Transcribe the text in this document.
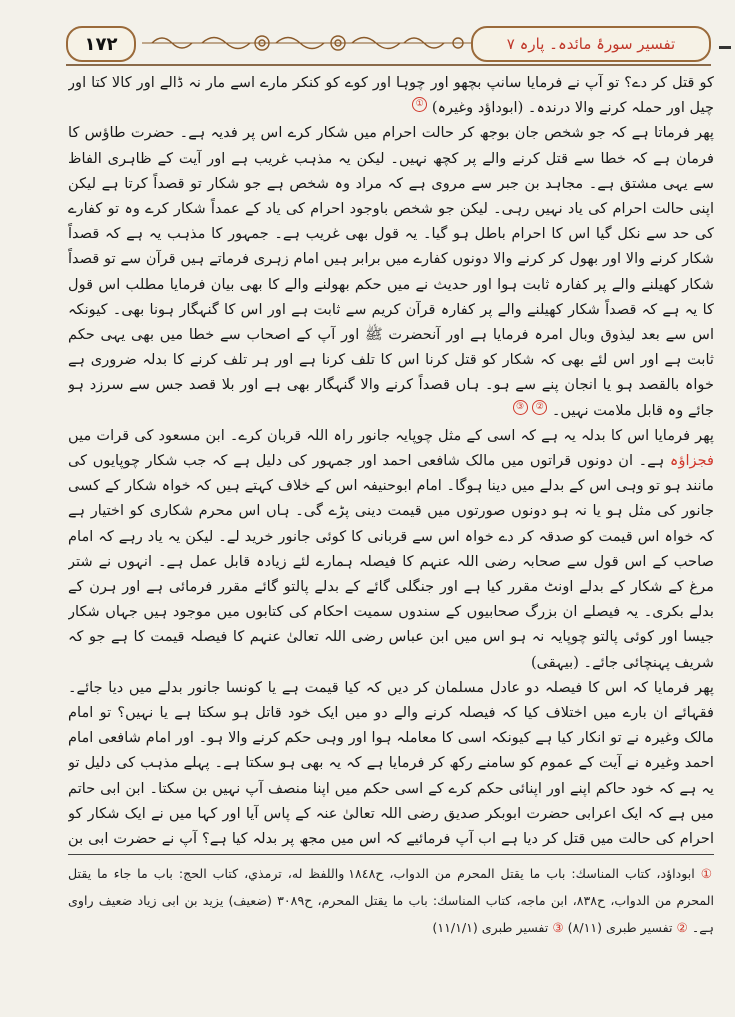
۱۷۲	تفسیر سورۂ مائدہ۔ پارہ ۷

کو قتل کر دے؟ تو آپ نے فرمایا سانپ بچھو اور چوہا اور کوے کو کنکر مارے اسے مار نہ ڈالے اور کالا کتا اور چیل اور حملہ کرنے والا درندہ۔ (ابوداؤد وغیرہ) ①

پھر فرماتا ہے کہ جو شخص جان بوجھ کر حالت احرام میں شکار کرے اس پر فدیہ ہے۔ حضرت طاؤس کا فرمان ہے کہ خطا سے قتل کرنے والے پر کچھ نہیں۔ لیکن یہ مذہب غریب ہے اور آیت کے ظاہری الفاظ سے یہی مشتق ہے۔ مجاہد بن جبر سے مروی ہے کہ مراد وہ شخص ہے جو شکار تو قصداً کرتا ہے لیکن اپنی حالت احرام کی یاد نہیں رہی۔ لیکن جو شخص باوجود احرام کی یاد کے عمداً شکار کرے وہ تو کفارے کی حد سے نکل گیا اس کا احرام باطل ہو گیا۔ یہ قول بھی غریب ہے۔ جمہور کا مذہب یہ ہے کہ قصداً شکار کرنے والا اور بھول کر کرنے والا دونوں کفارے میں برابر ہیں امام زہری فرماتے ہیں قرآن سے تو قصداً شکار کھیلنے والے پر کفارہ ثابت ہوا اور حدیث نے میں حکم بھولنے والے کا بھی بیان فرمایا مطلب اس قول کا یہ ہے کہ قصداً شکار کھیلنے والے پر کفارہ قرآن کریم سے ثابت ہے اور اس کا گنہگار ہونا بھی۔ کیونکہ اس سے بعد لیذوق وبال امرہ فرمایا ہے اور آنحضرت ﷺ اور آپ کے اصحاب سے خطا میں بھی یہی حکم ثابت ہے اور اس لئے بھی کہ شکار کو قتل کرنا اس کا تلف کرنا ہے اور ہر تلف کرنے کا بدلہ ضروری ہے خواہ بالقصد ہو یا انجان پنے سے ہو۔ ہاں قصداً کرنے والا گنہگار بھی ہے اور بلا قصد جس سے سرزد ہو جائے وہ قابل ملامت نہیں۔ ② ③

پھر فرمایا اس کا بدلہ یہ ہے کہ اسی کے مثل چوپایہ جانور راہ اللہ قربان کرے۔ ابن مسعود کی قرات میں فجزاؤہ ہے۔ ان دونوں قراتوں میں مالک شافعی احمد اور جمہور کی دلیل ہے کہ جب شکار چوپایوں کی مانند ہو تو وہی اس کے بدلے میں دینا ہوگا۔ امام ابوحنیفہ اس کے خلاف کہتے ہیں کہ خواہ شکار کے کسی جانور کی مثل ہو یا نہ ہو دونوں صورتوں میں قیمت دینی پڑے گی۔ ہاں اس محرم شکاری کو اختیار ہے کہ خواہ اس قیمت کو صدقہ کر دے خواہ اس سے قربانی کا کوئی جانور خرید لے۔ لیکن یہ یاد رہے کہ امام صاحب کے اس قول سے صحابہ رضی اللہ عنہم کا فیصلہ ہمارے لئے زیادہ قابل عمل ہے۔ انہوں نے شتر مرغ کے شکار کے بدلے اونٹ مقرر کیا ہے اور جنگلی گائے کے بدلے پالتو گائے مقرر فرمائی ہے اور ہرن کے بدلے بکری۔ یہ فیصلے ان بزرگ صحابیوں کے سندوں سمیت احکام کی کتابوں میں موجود ہیں جہاں شکار جیسا اور کوئی پالتو چوپایہ نہ ہو اس میں ابن عباس رضی اللہ تعالیٰ عنہم کا فیصلہ قیمت کا ہے جو کہ شریف پہنچائی جائے۔ (بیہقی)

پھر فرمایا کہ اس کا فیصلہ دو عادل مسلمان کر دیں کہ کیا قیمت ہے یا کونسا جانور بدلے میں دیا جائے۔ فقہائے ان بارے میں اختلاف کیا کہ فیصلہ کرنے والے دو میں ایک خود قاتل ہو سکتا ہے یا نہیں؟ تو امام مالک وغیرہ نے تو انکار کیا ہے کیونکہ اسی کا معاملہ ہوا اور وہی حکم کرنے والا ہو۔ اور امام شافعی امام احمد وغیرہ نے آیت کے عموم کو سامنے رکھ کر فرمایا ہے کہ یہ بھی ہو سکتا ہے۔ پہلے مذہب کی دلیل تو یہ ہے کہ خود حاکم اپنے اور اپنائی حکم کرے کے اسی حکم میں اپنا منصف آپ نہیں بن سکتا۔ ابن ابی حاتم میں ہے کہ ایک اعرابی حضرت ابوبکر صدیق رضی اللہ تعالیٰ عنہ کے پاس آیا اور کہا میں نے ایک شکار کو احرام کی حالت میں قتل کر دیا ہے اب آپ فرمائیے کہ اس میں مجھ پر بدلہ کیا ہے؟ آپ نے حضرت ابی بن

① ابوداؤد، كتاب المناسك: باب ما يقتل المحرم من الدواب، ح١٨٤٨ واللفظ له، ترمذي، كتاب الحج: باب ما جاء ما يقتل المحرم من الدواب، ح٨٣٨، ابن ماجه، كتاب المناسك: باب ما يقتل المحرم، ح٣٠٨٩ (ضعیف) یزید بن ابی زیاد ضعیف راوی ہے۔ ② تفسیر طبری (٨/١١) ③ تفسیر طبری (١١/١/١)
